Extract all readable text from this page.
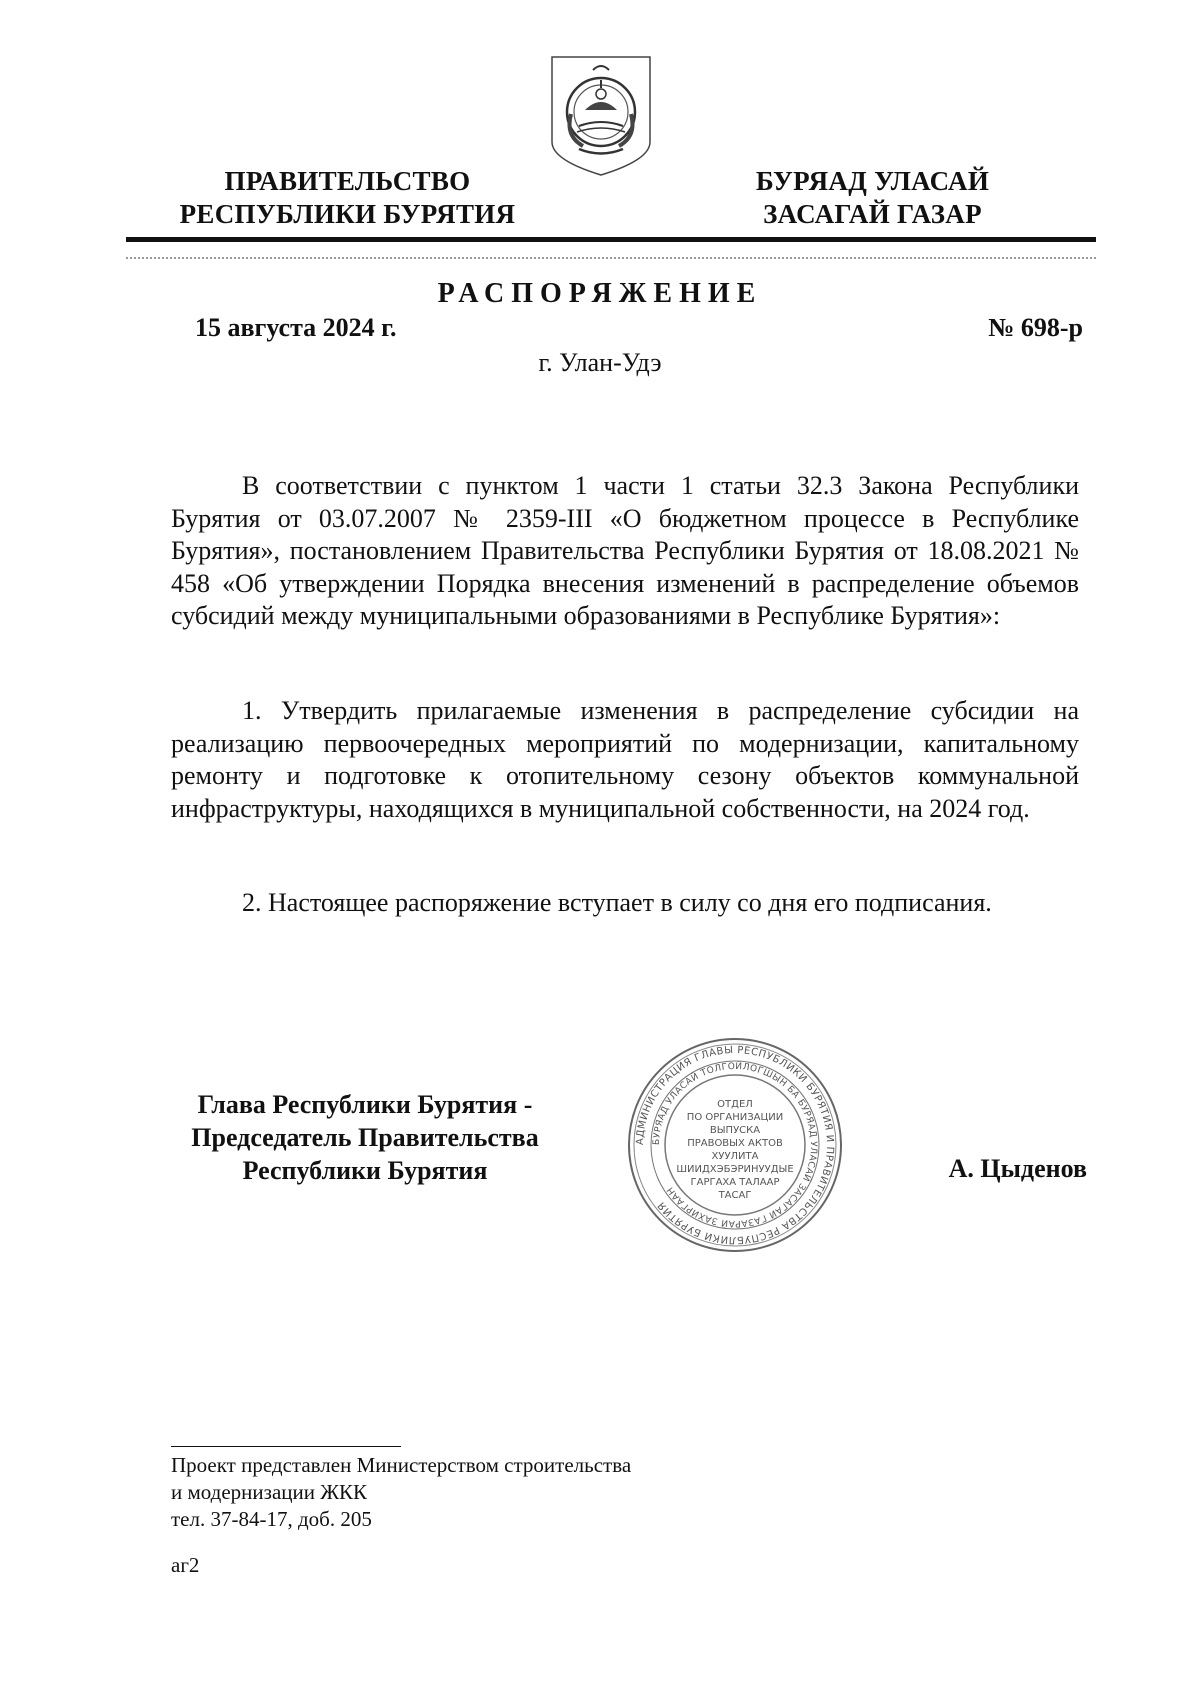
ПРАВИТЕЛЬСТВО
РЕСПУБЛИКИ БУРЯТИЯ
БУРЯАД УЛАСАЙ
ЗАСАГАЙ ГАЗАР
РАСПОРЯЖЕНИЕ
15 августа 2024 г.	№ 698-р
г. Улан-Удэ

В соответствии с пунктом 1 части 1 статьи 32.3 Закона Республики Бурятия от 03.07.2007 № 2359-III «О бюджетном процессе в Республике Бурятия», постановлением Правительства Республики Бурятия от 18.08.2021 № 458 «Об утверждении Порядка внесения изменений в распределение объемов субсидий между муниципальными образованиями в Республике Бурятия»:

1. Утвердить прилагаемые изменения в распределение субсидии на реализацию первоочередных мероприятий по модернизации, капитальному ремонту и подготовке к отопительному сезону объектов коммунальной инфраструктуры, находящихся в муниципальной собственности, на 2024 год.

2. Настоящее распоряжение вступает в силу со дня его подписания.

Глава Республики Бурятия -
Председатель Правительства
Республики Бурятия
АДМИНИСТРАЦИЯ ГЛАВЫ РЕСПУБЛИКИ БУРЯТИЯ И ПРАВИТЕЛЬСТВА РЕСПУБЛИКИ БУРЯТИЯ
БУРЯАД УЛАСАЙ ТОЛГОЙЛОГШЫН БА БУРЯАД УЛАСАЙ ЗАСАГАЙ ГАЗАРАЙ ЗАХИРГААН
ОТДЕЛ
ПО ОРГАНИЗАЦИИ
ВЫПУСКА
ПРАВОВЫХ АКТОВ
ХУУЛИТА
ШИИДХЭБЭРИНУУДЫЕ
ГАРГАХА ТАЛААР
ТАСАГ
А. Цыденов
Проект представлен Министерством строительства
и модернизации ЖКК
тел. 37-84-17, доб. 205
аг2
